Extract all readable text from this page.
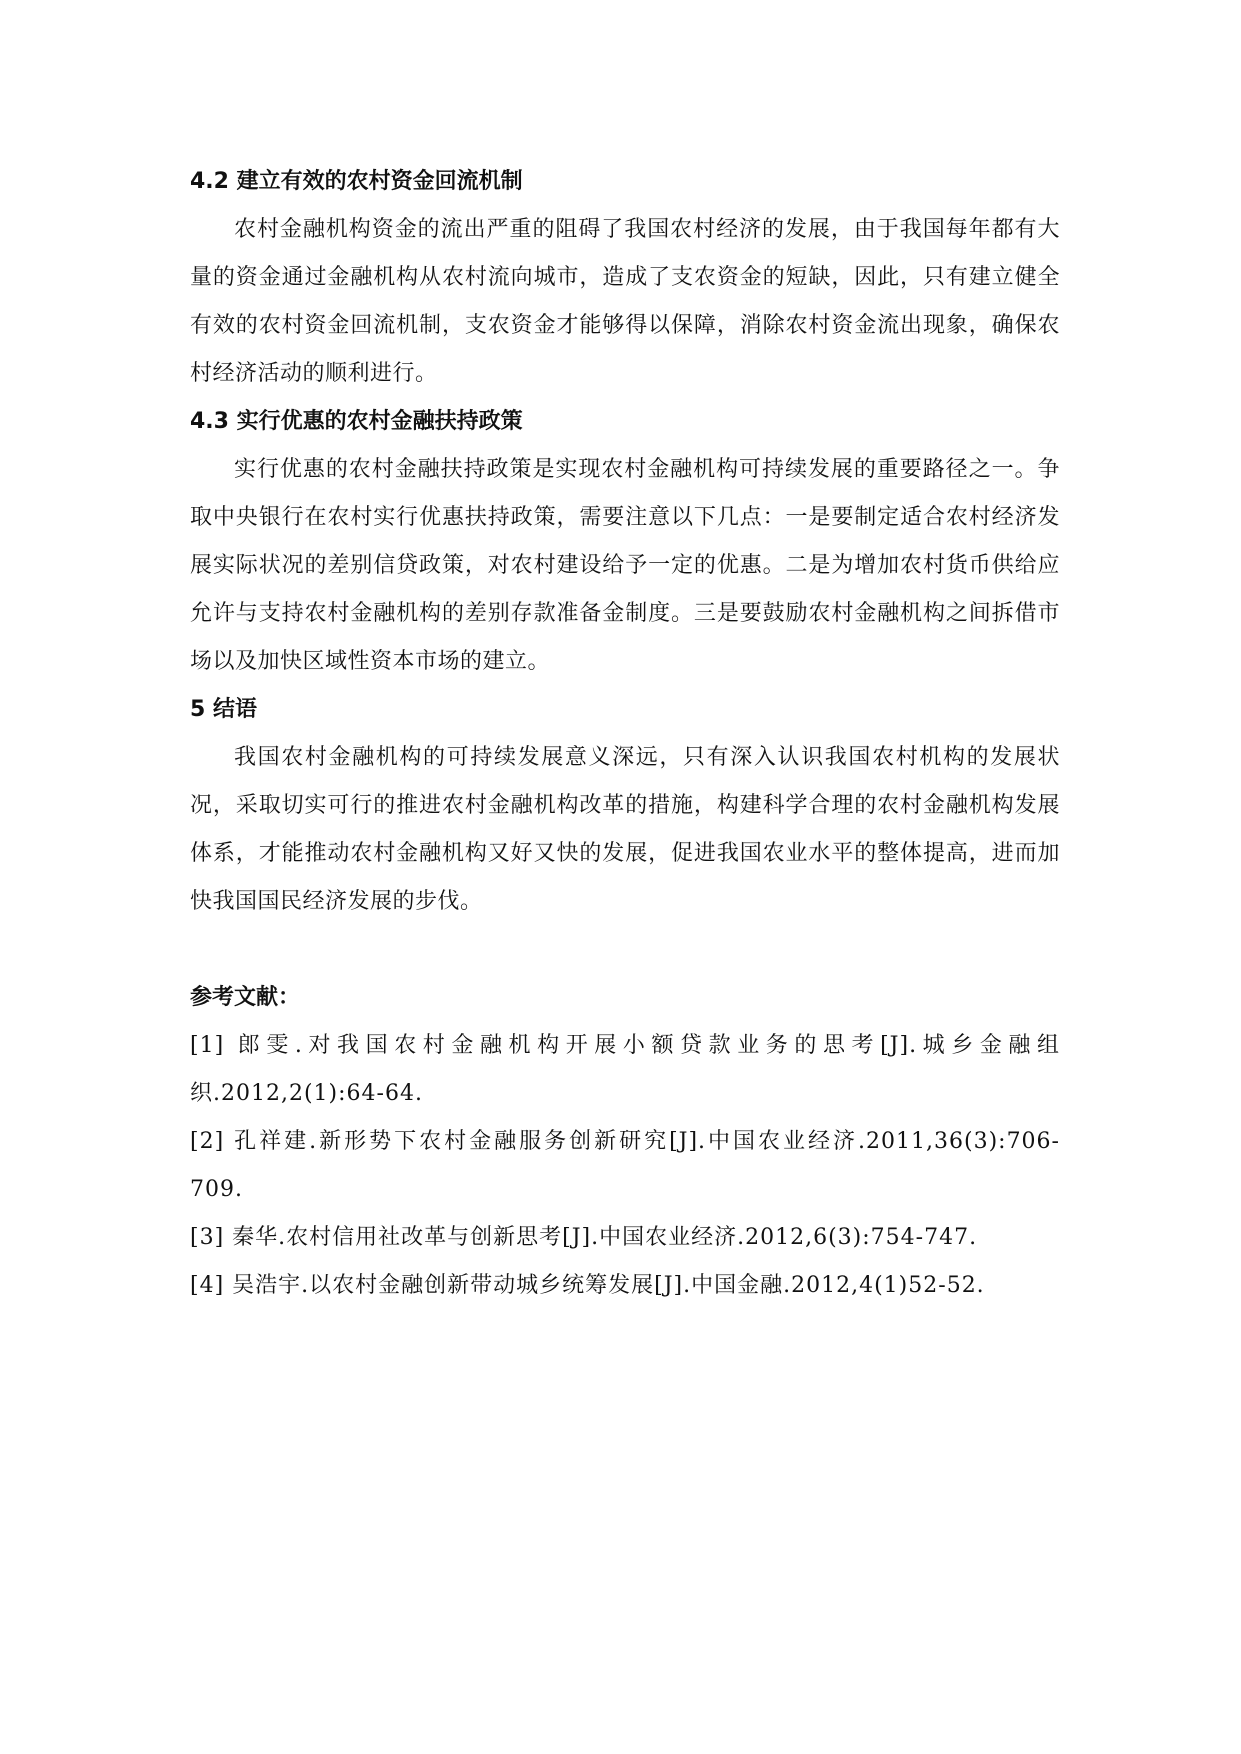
4.2 建立有效的农村资金回流机制

农村金融机构资金的流出严重的阻碍了我国农村经济的发展，由于我国每年都有大量的资金通过金融机构从农村流向城市，造成了支农资金的短缺，因此，只有建立健全有效的农村资金回流机制，支农资金才能够得以保障，消除农村资金流出现象，确保农村经济活动的顺利进行。

4.3 实行优惠的农村金融扶持政策

实行优惠的农村金融扶持政策是实现农村金融机构可持续发展的重要路径之一。争取中央银行在农村实行优惠扶持政策，需要注意以下几点：一是要制定适合农村经济发展实际状况的差别信贷政策，对农村建设给予一定的优惠。二是为增加农村货币供给应允许与支持农村金融机构的差别存款准备金制度。三是要鼓励农村金融机构之间拆借市场以及加快区域性资本市场的建立。

5 结语

我国农村金融机构的可持续发展意义深远，只有深入认识我国农村机构的发展状况，采取切实可行的推进农村金融机构改革的措施，构建科学合理的农村金融机构发展体系，才能推动农村金融机构又好又快的发展，促进我国农业水平的整体提高，进而加快我国国民经济发展的步伐。

参考文献：

[1] 郎雯.对我国农村金融机构开展小额贷款业务的思考[J].城乡金融组织.2012,2(1):64-64.

[2] 孔祥建.新形势下农村金融服务创新研究[J].中国农业经济.2011,36(3):706-709.

[3] 秦华.农村信用社改革与创新思考[J].中国农业经济.2012,6(3):754-747.

[4] 吴浩宇.以农村金融创新带动城乡统筹发展[J].中国金融.2012,4(1)52-52.
